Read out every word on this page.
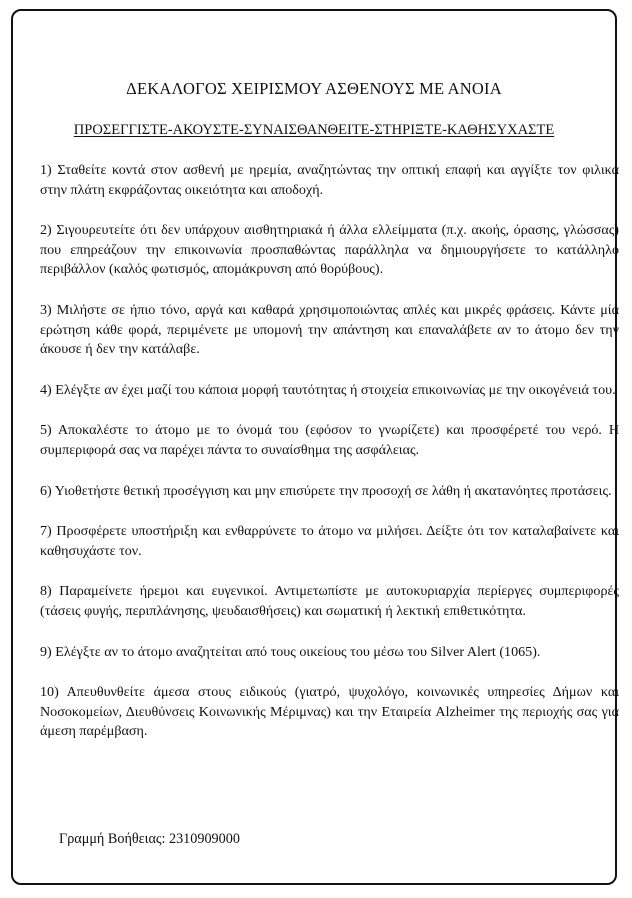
ΔΕΚΑΛΟΓΟΣ ΧΕΙΡΙΣΜΟΥ ΑΣΘΕΝΟΥΣ ΜΕ ΑΝΟΙΑ
ΠΡΟΣΕΓΓΙΣΤΕ-ΑΚΟΥΣΤΕ-ΣΥΝΑΙΣΘΑΝΘΕΙΤΕ-ΣΤΗΡΙΞΤΕ-ΚΑΘΗΣΥΧΑΣΤΕ
1) Σταθείτε κοντά στον ασθενή με ηρεμία, αναζητώντας την οπτική επαφή και αγγίξτε τον φιλικά στην πλάτη εκφράζοντας οικειότητα και αποδοχή.
2) Σιγουρευτείτε ότι δεν υπάρχουν αισθητηριακά ή άλλα ελλείμματα (π.χ. ακοής, όρασης, γλώσσας) που επηρεάζουν την επικοινωνία προσπαθώντας παράλληλα να δημιουργήσετε το κατάλληλο περιβάλλον (καλός φωτισμός, απομάκρυνση από θορύβους).
3) Μιλήστε σε ήπιο τόνο, αργά και καθαρά χρησιμοποιώντας απλές και μικρές φράσεις. Κάντε μία ερώτηση κάθε φορά, περιμένετε με υπομονή την απάντηση και επαναλάβετε αν το άτομο δεν την άκουσε ή δεν την κατάλαβε.
4) Ελέγξτε αν έχει μαζί του κάποια μορφή ταυτότητας ή στοιχεία επικοινωνίας με την οικογένειά του.
5) Αποκαλέστε το άτομο με το όνομά του (εφόσον το γνωρίζετε) και προσφέρετέ του νερό. Η συμπεριφορά σας να παρέχει πάντα το συναίσθημα της ασφάλειας.
6) Υιοθετήστε θετική προσέγγιση και μην επισύρετε την προσοχή σε λάθη ή ακατανόητες προτάσεις.
7) Προσφέρετε υποστήριξη και ενθαρρύνετε το άτομο να μιλήσει. Δείξτε ότι τον καταλαβαίνετε και καθησυχάστε τον.
8) Παραμείνετε ήρεμοι και ευγενικοί. Αντιμετωπίστε με αυτοκυριαρχία περίεργες συμπεριφορές (τάσεις φυγής, περιπλάνησης, ψευδαισθήσεις) και σωματική ή λεκτική επιθετικότητα.
9) Ελέγξτε αν το άτομο αναζητείται από τους οικείους του μέσω του Silver Alert (1065).
10) Απευθυνθείτε άμεσα στους ειδικούς (γιατρό, ψυχολόγο, κοινωνικές υπηρεσίες Δήμων και Νοσοκομείων, Διευθύνσεις Κοινωνικής Μέριμνας) και την Εταιρεία Alzheimer της περιοχής σας για άμεση παρέμβαση.
Γραμμή Βοήθειας: 2310909000
